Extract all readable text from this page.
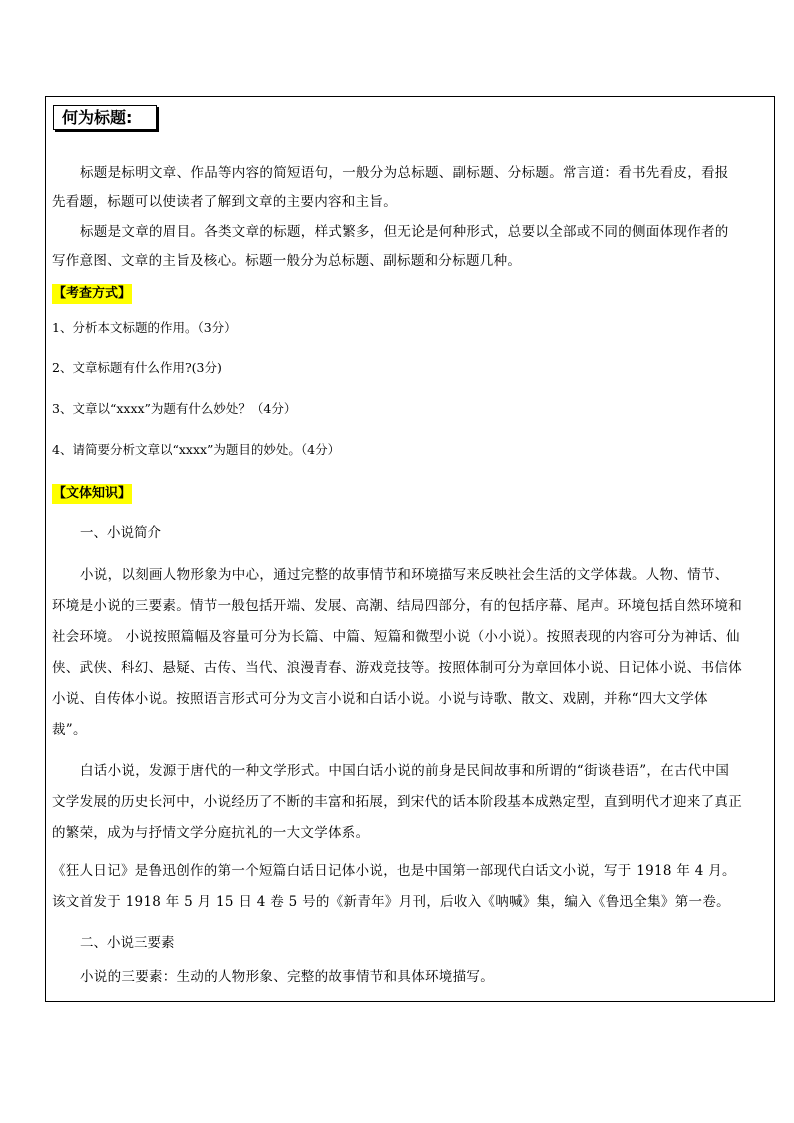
何为标题:
标题是标明文章、作品等内容的简短语句，一般分为总标题、副标题、分标题。常言道：看书先看皮，看报先看题，标题可以使读者了解到文章的主要内容和主旨。
标题是文章的眉目。各类文章的标题，样式繁多，但无论是何种形式，总要以全部或不同的侧面体现作者的写作意图、文章的主旨及核心。标题一般分为总标题、副标题和分标题几种。
【考查方式】
1、分析本文标题的作用。（3分）
2、文章标题有什么作用?(3分)
3、文章以“xxxx”为题有什么妙处？（4分）
4、请简要分析文章以“xxxx”为题目的妙处。（4分）
【文体知识】
一、小说简介
小说，以刻画人物形象为中心，通过完整的故事情节和环境描写来反映社会生活的文学体裁。人物、情节、环境是小说的三要素。情节一般包括开端、发展、高潮、结局四部分，有的包括序幕、尾声。环境包括自然环境和社会环境。 小说按照篇幅及容量可分为长篇、中篇、短篇和微型小说（小小说）。按照表现的内容可分为神话、仙侠、武侠、科幻、悬疑、古传、当代、浪漫青春、游戏竞技等。按照体制可分为章回体小说、日记体小说、书信体小说、自传体小说。按照语言形式可分为文言小说和白话小说。小说与诗歌、散文、戏剧，并称“四大文学体裁”。
白话小说，发源于唐代的一种文学形式。中国白话小说的前身是民间故事和所谓的“街谈巷语”，在古代中国文学发展的历史长河中，小说经历了不断的丰富和拓展，到宋代的话本阶段基本成熟定型，直到明代才迎来了真正的繁荣，成为与抒情文学分庭抗礼的一大文学体系。
《狂人日记》是鲁迅创作的第一个短篇白话日记体小说，也是中国第一部现代白话文小说，写于 1918 年 4 月。该文首发于 1918 年 5 月 15 日 4 卷 5 号的《新青年》月刊，后收入《呐喊》集，编入《鲁迅全集》第一卷。
二、小说三要素
小说的三要素：生动的人物形象、完整的故事情节和具体环境描写。
